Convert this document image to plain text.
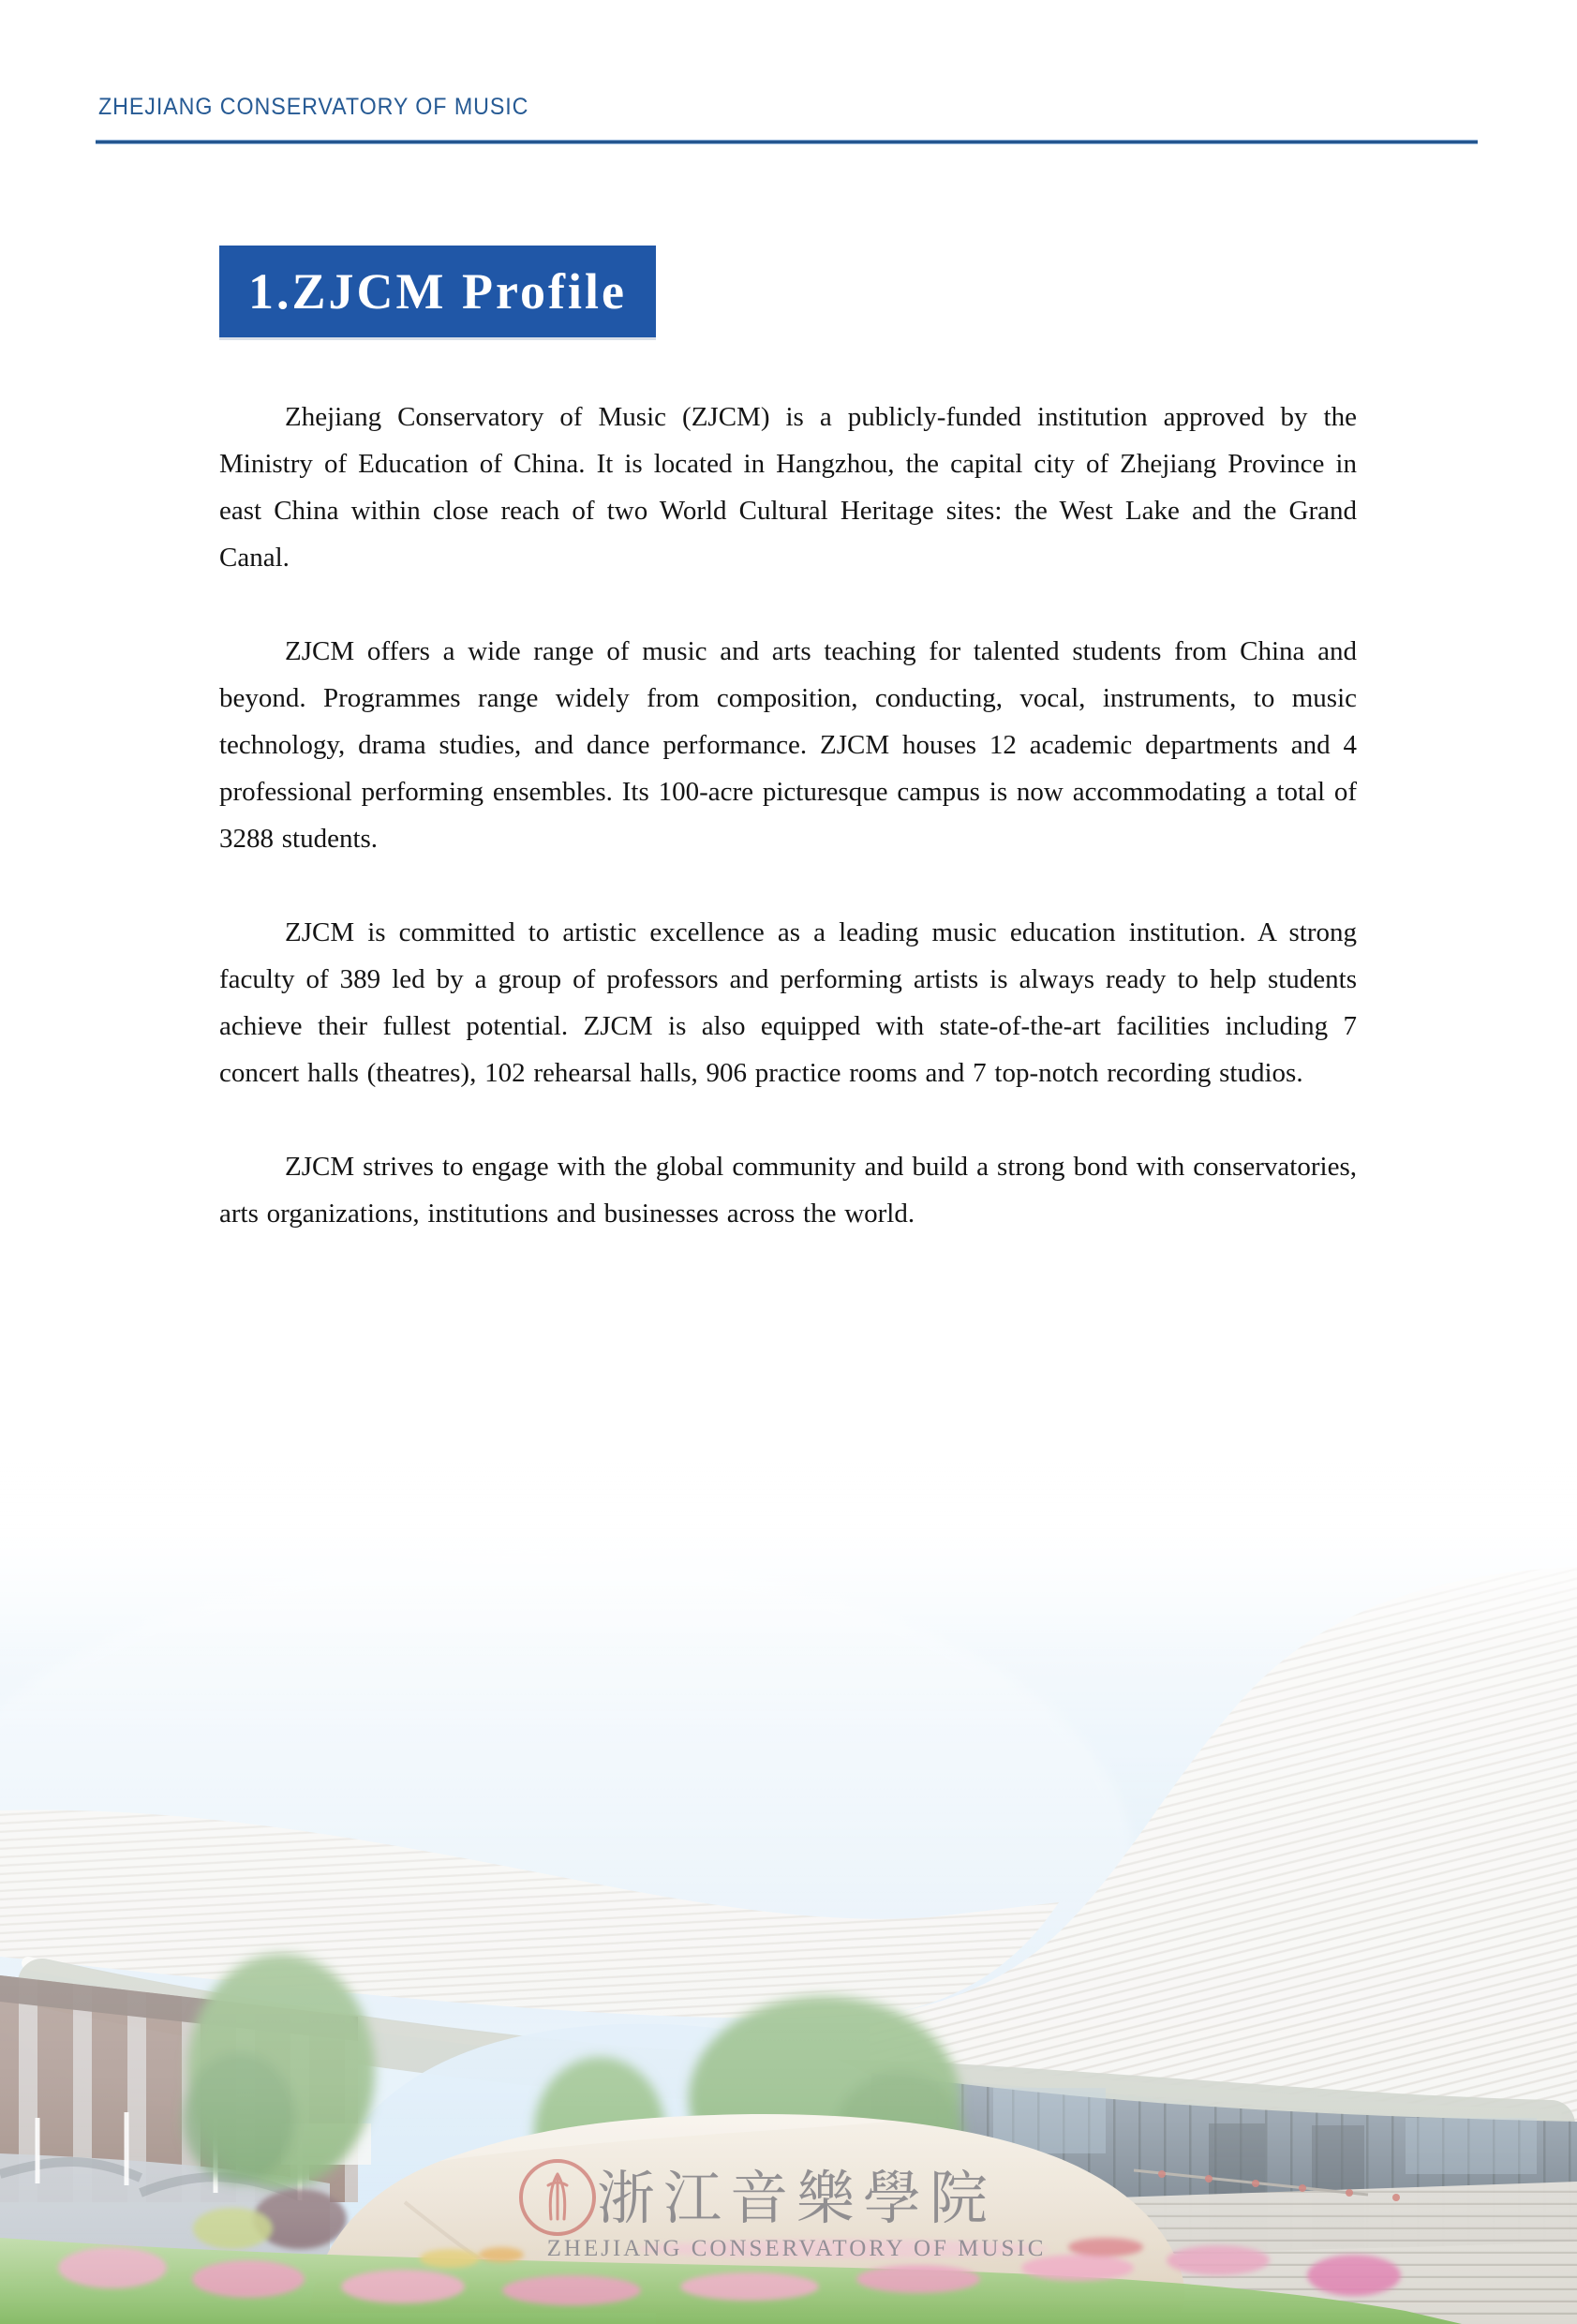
ZHEJIANG CONSERVATORY OF MUSIC
1.ZJCM Profile

Zhejiang Conservatory of Music (ZJCM) is a publicly-funded institution approved by the Ministry of Education of China. It is located in Hangzhou, the capital city of Zhejiang Province in east China within close reach of two World Cultural Heritage sites: the West Lake and the Grand Canal.

ZJCM offers a wide range of music and arts teaching for talented students from China and beyond. Programmes range widely from composition, conducting, vocal, instruments, to music technology, drama studies, and dance performance. ZJCM houses 12 academic departments and 4 professional performing ensembles. Its 100-acre picturesque campus is now accommodating a total of 3288 students.

ZJCM is committed to artistic excellence as a leading music education institution. A strong faculty of 389 led by a group of professors and performing artists is always ready to help students achieve their fullest potential. ZJCM is also equipped with state-of-the-art facilities including 7 concert halls (theatres), 102 rehearsal halls, 906 practice rooms and 7 top-notch recording studios.

ZJCM strives to engage with the global community and build a strong bond with conservatories, arts organizations, institutions and businesses across the world.

浙江音樂學院
ZHEJIANG CONSERVATORY OF MUSIC
